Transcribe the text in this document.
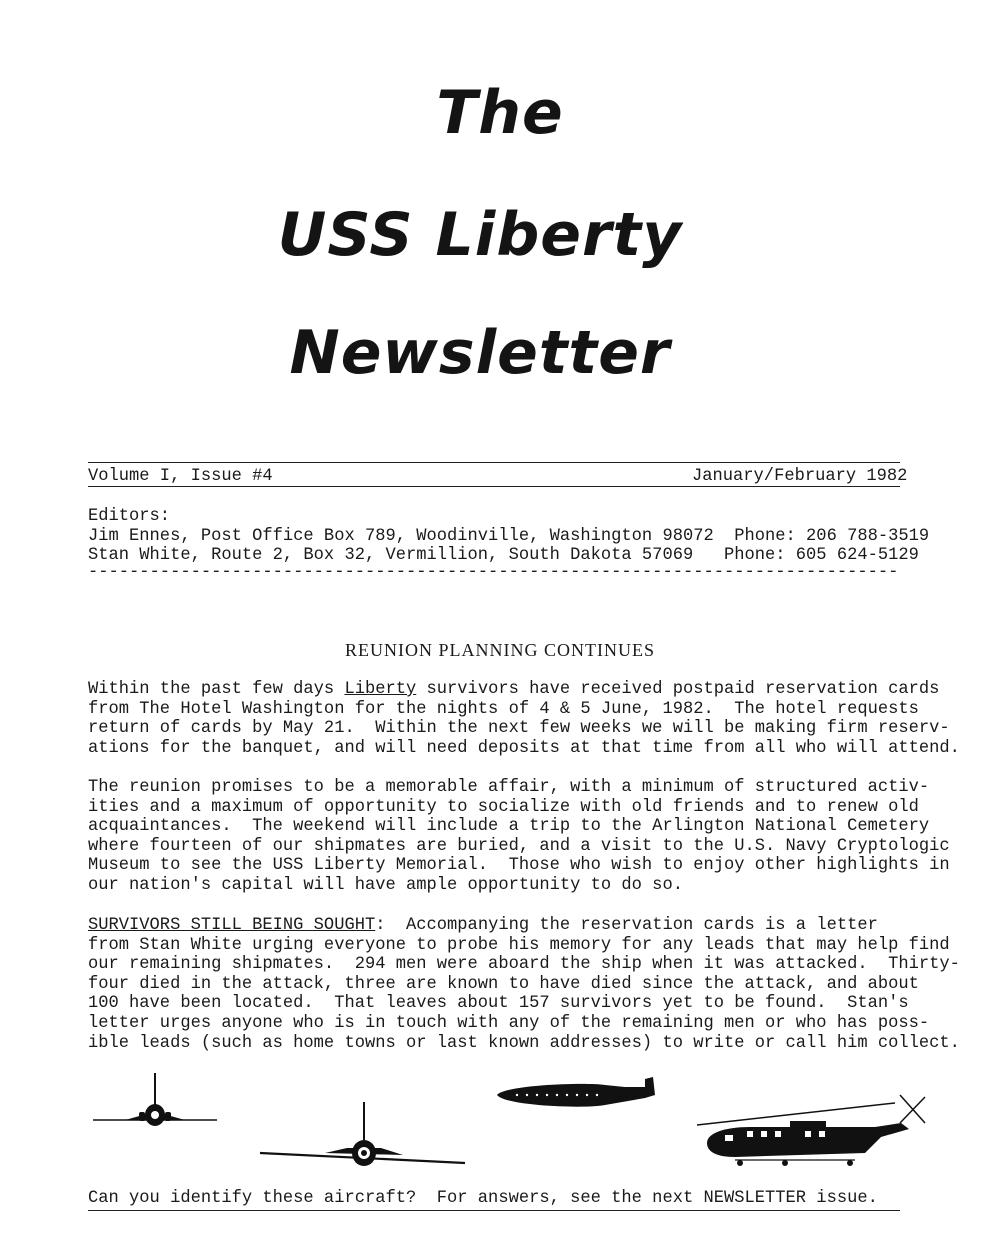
The
USS Liberty
Newsletter
Volume I, Issue #4	January/February 1982
Editors:
Jim Ennes, Post Office Box 789, Woodinville, Washington 98072  Phone: 206 788-3519
Stan White, Route 2, Box 32, Vermillion, South Dakota 57069   Phone: 605 624-5129
-------------------------------------------------------------------------------
REUNION PLANNING CONTINUES
Within the past few days Liberty survivors have received postpaid reservation cards
from The Hotel Washington for the nights of 4 & 5 June, 1982.  The hotel requests
return of cards by May 21.  Within the next few weeks we will be making firm reserv-
ations for the banquet, and will need deposits at that time from all who will attend.
The reunion promises to be a memorable affair, with a minimum of structured activ-
ities and a maximum of opportunity to socialize with old friends and to renew old
acquaintances.  The weekend will include a trip to the Arlington National Cemetery
where fourteen of our shipmates are buried, and a visit to the U.S. Navy Cryptologic
Museum to see the USS Liberty Memorial.  Those who wish to enjoy other highlights in
our nation's capital will have ample opportunity to do so.
SURVIVORS STILL BEING SOUGHT:  Accompanying the reservation cards is a letter
from Stan White urging everyone to probe his memory for any leads that may help find
our remaining shipmates.  294 men were aboard the ship when it was attacked.  Thirty-
four died in the attack, three are known to have died since the attack, and about
100 have been located.  That leaves about 157 survivors yet to be found.  Stan's
letter urges anyone who is in touch with any of the remaining men or who has poss-
ible leads (such as home towns or last known addresses) to write or call him collect.
Can you identify these aircraft?  For answers, see the next NEWSLETTER issue.
